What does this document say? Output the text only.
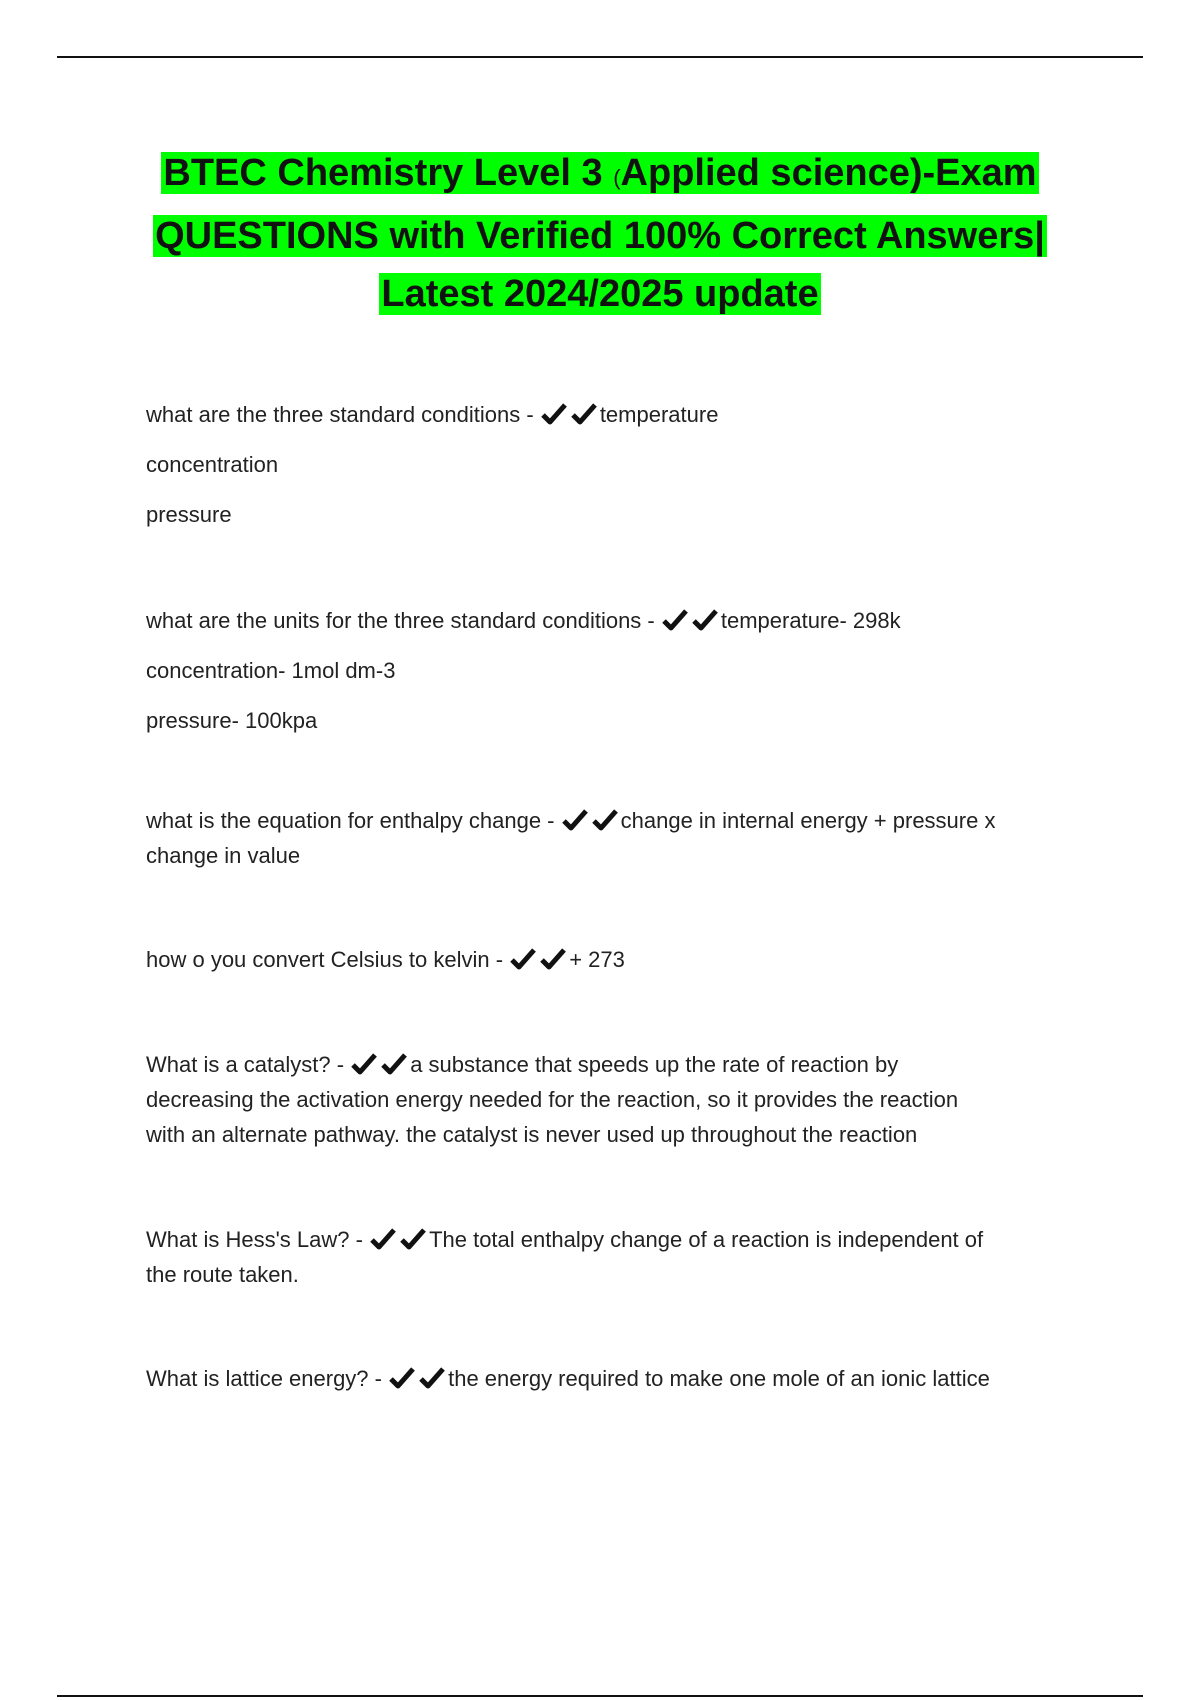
BTEC Chemistry Level 3 (Applied science)-Exam
QUESTIONS with Verified 100% Correct Answers|
Latest 2024/2025 update
what are the three standard conditions -	temperature
concentration
pressure
what are the units for the three standard conditions -	temperature- 298k
concentration- 1mol dm-3
pressure- 100kpa
what is the equation for enthalpy change -	change in internal energy + pressure x
change in value
how o you convert Celsius to kelvin -	+ 273
What is a catalyst? -	a substance that speeds up the rate of reaction by
decreasing the activation energy needed for the reaction, so it provides the reaction
with an alternate pathway. the catalyst is never used up throughout the reaction
What is Hess's Law? -	The total enthalpy change of a reaction is independent of
the route taken.
What is lattice energy? -	the energy required to make one mole of an ionic lattice
